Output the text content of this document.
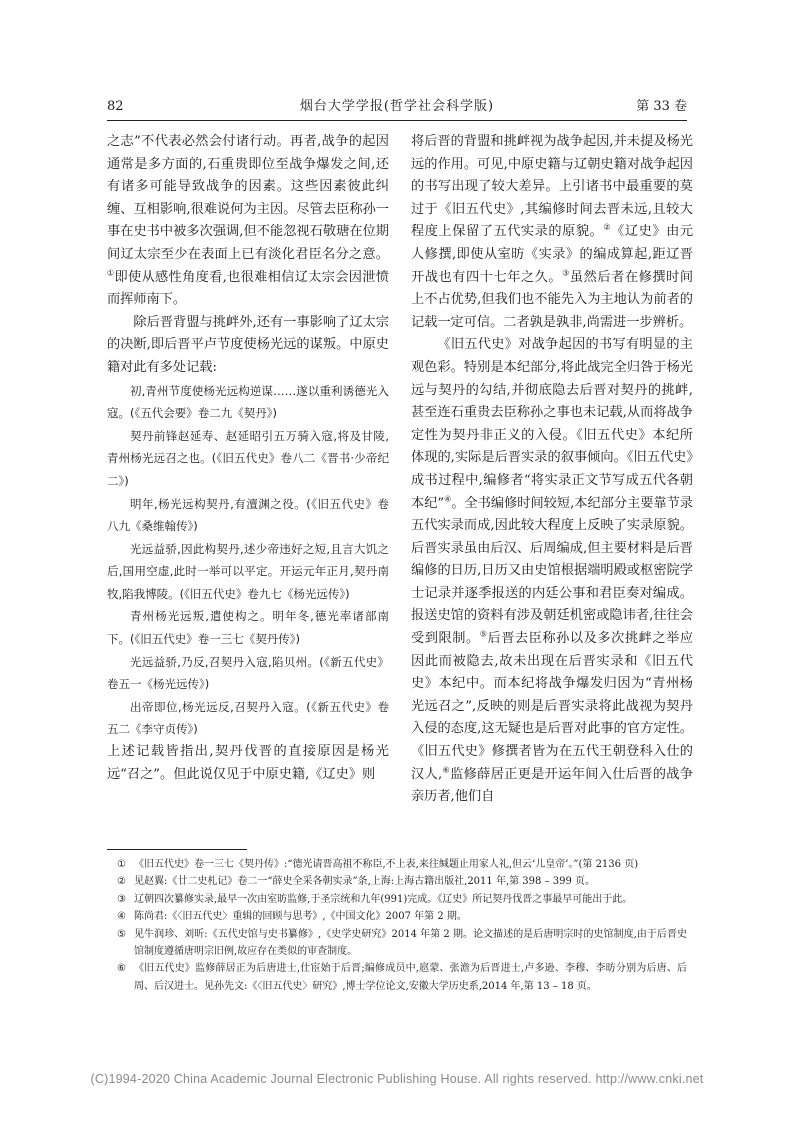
82	烟台大学学报(哲学社会科学版)	第 33 卷

之志”不代表必然会付诸行动。再者,战争的起因通常是多方面的,石重贵即位至战争爆发之间,还有诸多可能导致战争的因素。这些因素彼此纠缠、互相影响,很难说何为主因。尽管去臣称孙一事在史书中被多次强调,但不能忽视石敬瑭在位期间辽太宗至少在表面上已有淡化君臣名分之意。①即使从感性角度看,也很难相信辽太宗会因泄愤而挥师南下。

除后晋背盟与挑衅外,还有一事影响了辽太宗的决断,即后晋平卢节度使杨光远的谋叛。中原史籍对此有多处记载:

初,青州节度使杨光远构逆谋……遂以重利诱德光入寇。(《五代会要》卷二九《契丹》)

契丹前锋赵延寿、赵延昭引五万骑入寇,将及甘陵,青州杨光远召之也。(《旧五代史》卷八二《晋书·少帝纪二》)

明年,杨光远构契丹,有澶渊之役。(《旧五代史》卷八九《桑维翰传》)

光远益骄,因此构契丹,述少帝违好之短,且言大饥之后,国用空虚,此时一举可以平定。开运元年正月,契丹南牧,陷我博陵。(《旧五代史》卷九七《杨光远传》)

青州杨光远叛,遣使构之。明年冬,德光率诸部南下。(《旧五代史》卷一三七《契丹传》)

光远益骄,乃反,召契丹入寇,陷贝州。(《新五代史》卷五一《杨光远传》)

出帝即位,杨光远反,召契丹入寇。(《新五代史》卷五二《李守贞传》)

上述记载皆指出,契丹伐晋的直接原因是杨光远“召之”。但此说仅见于中原史籍,《辽史》则

将后晋的背盟和挑衅视为战争起因,并未提及杨光远的作用。可见,中原史籍与辽朝史籍对战争起因的书写出现了较大差异。上引诸书中最重要的莫过于《旧五代史》,其编修时间去晋未远,且较大程度上保留了五代实录的原貌。②《辽史》由元人修撰,即使从室昉《实录》的编成算起,距辽晋开战也有四十七年之久。③虽然后者在修撰时间上不占优势,但我们也不能先入为主地认为前者的记载一定可信。二者孰是孰非,尚需进一步辨析。

《旧五代史》对战争起因的书写有明显的主观色彩。特别是本纪部分,将此战完全归咎于杨光远与契丹的勾结,并彻底隐去后晋对契丹的挑衅,甚至连石重贵去臣称孙之事也未记载,从而将战争定性为契丹非正义的入侵。《旧五代史》本纪所体现的,实际是后晋实录的叙事倾向。《旧五代史》成书过程中,编修者“将实录正文节写成五代各朝本纪”④。全书编修时间较短,本纪部分主要靠节录五代实录而成,因此较大程度上反映了实录原貌。后晋实录虽由后汉、后周编成,但主要材料是后晋编修的日历,日历又由史馆根据端明殿或枢密院学士记录并逐季报送的内廷公事和君臣奏对编成。报送史馆的资料有涉及朝廷机密或隐讳者,往往会受到限制。⑤后晋去臣称孙以及多次挑衅之举应因此而被隐去,故未出现在后晋实录和《旧五代史》本纪中。而本纪将战争爆发归因为“青州杨光远召之”,反映的则是后晋实录将此战视为契丹入侵的态度,这无疑也是后晋对此事的官方定性。《旧五代史》修撰者皆为在五代王朝登科入仕的汉人,⑥监修薛居正更是开运年间入仕后晋的战争亲历者,他们自

① 《旧五代史》卷一三七《契丹传》:“德光请晋高祖不称臣,不上表,来往缄题止用家人礼,但云‘儿皇帝’。”(第 2136 页)
② 见赵翼:《廿二史札记》卷二一“薛史全采各朝实录”条,上海:上海古籍出版社,2011 年,第 398 – 399 页。
③ 辽朝四次纂修实录,最早一次由室昉监修,于圣宗统和九年(991)完成。《辽史》所记契丹伐晋之事最早可能出于此。
④ 陈尚君:《〈旧五代史〉重辑的回顾与思考》,《中国文化》2007 年第 2 期。
⑤ 见牛润珍、刘昕:《五代史馆与史书纂修》,《史学史研究》2014 年第 2 期。论文描述的是后唐明宗时的史馆制度,由于后晋史馆制度遵循唐明宗旧例,故应存在类似的审查制度。
⑥ 《旧五代史》监修薛居正为后唐进士,仕宦始于后晋;编修成员中,扈蒙、张澹为后晋进士,卢多逊、李穆、李昉分别为后唐、后周、后汉进士。见孙先文:《〈旧五代史〉研究》,博士学位论文,安徽大学历史系,2014 年,第 13 – 18 页。
(C)1994-2020 China Academic Journal Electronic Publishing House. All rights reserved. http://www.cnki.net
